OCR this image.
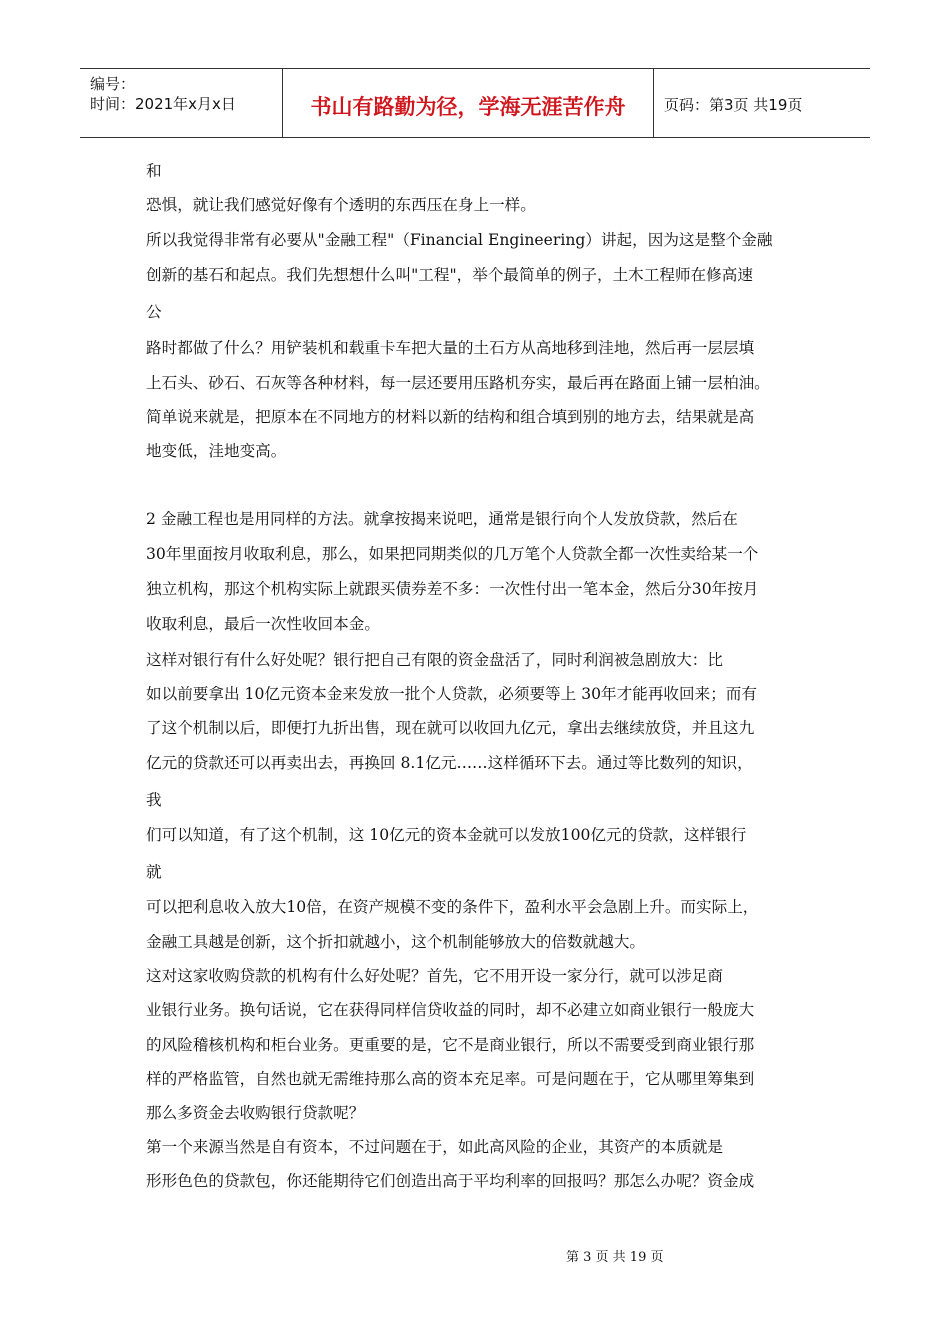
编号：
时间：2021年x月x日	书山有路勤为径，学海无涯苦作舟	页码：第3页 共19页
和
恐惧，就让我们感觉好像有个透明的东西压在身上一样。
所以我觉得非常有必要从"金融工程"（Financial Engineering）讲起，因为这是整个金融
创新的基石和起点。我们先想想什么叫"工程"，举个最简单的例子，土木工程师在修高速
公
路时都做了什么？用铲装机和载重卡车把大量的土石方从高地移到洼地，然后再一层层填
上石头、砂石、石灰等各种材料，每一层还要用压路机夯实，最后再在路面上铺一层柏油。
简单说来就是，把原本在不同地方的材料以新的结构和组合填到别的地方去，结果就是高
地变低，洼地变高。
2 金融工程也是用同样的方法。就拿按揭来说吧，通常是银行向个人发放贷款，然后在
30年里面按月收取利息，那么，如果把同期类似的几万笔个人贷款全都一次性卖给某一个
独立机构，那这个机构实际上就跟买债券差不多：一次性付出一笔本金，然后分30年按月
收取利息，最后一次性收回本金。
这样对银行有什么好处呢？银行把自己有限的资金盘活了，同时利润被急剧放大：比
如以前要拿出 10亿元资本金来发放一批个人贷款，必须要等上 30年才能再收回来；而有
了这个机制以后，即便打九折出售，现在就可以收回九亿元，拿出去继续放贷，并且这九
亿元的贷款还可以再卖出去，再换回 8.1亿元……这样循环下去。通过等比数列的知识，
我
们可以知道，有了这个机制，这 10亿元的资本金就可以发放100亿元的贷款，这样银行
就
可以把利息收入放大10倍，在资产规模不变的条件下，盈利水平会急剧上升。而实际上，
金融工具越是创新，这个折扣就越小，这个机制能够放大的倍数就越大。
这对这家收购贷款的机构有什么好处呢？首先，它不用开设一家分行，就可以涉足商
业银行业务。换句话说，它在获得同样信贷收益的同时，却不必建立如商业银行一般庞大
的风险稽核机构和柜台业务。更重要的是，它不是商业银行，所以不需要受到商业银行那
样的严格监管，自然也就无需维持那么高的资本充足率。可是问题在于，它从哪里筹集到
那么多资金去收购银行贷款呢？
第一个来源当然是自有资本，不过问题在于，如此高风险的企业，其资产的本质就是
形形色色的贷款包，你还能期待它们创造出高于平均利率的回报吗？那怎么办呢？资金成
第 3 页 共 19 页
